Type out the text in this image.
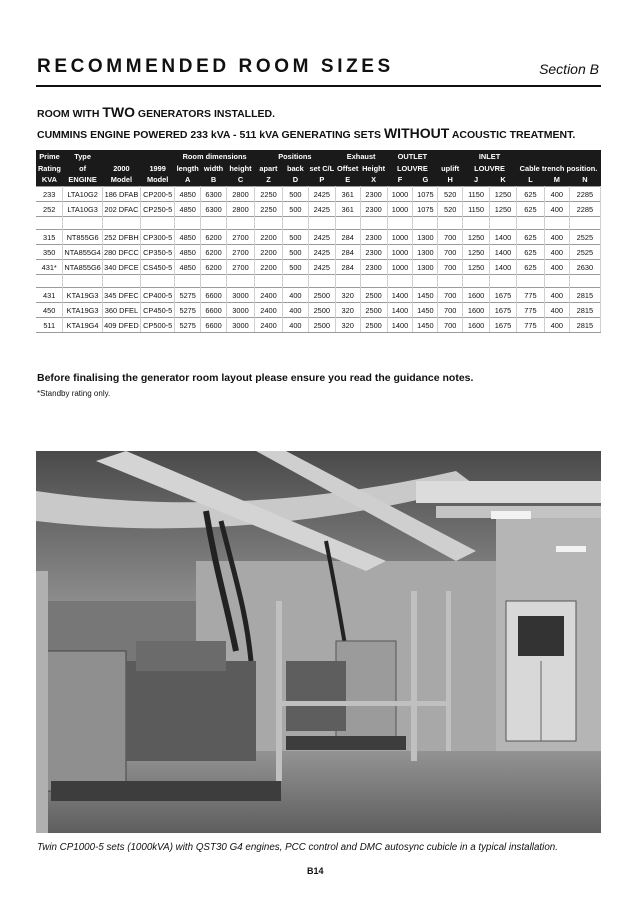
RECOMMENDED ROOM SIZES	Section B
ROOM WITH TWO GENERATORS INSTALLED.
CUMMINS ENGINE POWERED 233 kVA - 511 kVA GENERATING SETS WITHOUT ACOUSTIC TREATMENT.
Prime	Type			Room dimensions			Positions			Exhaust		OUTLET			INLET				
Rating	of	2000	1999	length	width	height	apart	back	set C/L	Offset	Height	LOUVRE		uplift	LOUVRE		Cable trench position.		
KVA	ENGINE	Model	Model	A	B	C	Z	D	P	E	X	F	G	H	J	K	L	M	N
233	LTA10G2	186 DFAB	CP200-5	4850	6300	2800	2250	500	2425	361	2300	1000	1075	520	1150	1250	625	400	2285
252	LTA10G3	202 DFAC	CP250-5	4850	6300	2800	2250	500	2425	361	2300	1000	1075	520	1150	1250	625	400	2285

315	NT855G6	252 DFBH	CP300-5	4850	6200	2700	2200	500	2425	284	2300	1000	1300	700	1250	1400	625	400	2525
350	NTA855G4	280 DFCC	CP350-5	4850	6200	2700	2200	500	2425	284	2300	1000	1300	700	1250	1400	625	400	2525
431*	NTA855G6	340 DFCE	CS450-5	4850	6200	2700	2200	500	2425	284	2300	1000	1300	700	1250	1400	625	400	2630

431	KTA19G3	345 DFEC	CP400-5	5275	6600	3000	2400	400	2500	320	2500	1400	1450	700	1600	1675	775	400	2815
450	KTA19G3	360 DFEL	CP450-5	5275	6600	3000	2400	400	2500	320	2500	1400	1450	700	1600	1675	775	400	2815
511	KTA19G4	409 DFED	CP500-5	5275	6600	3000	2400	400	2500	320	2500	1400	1450	700	1600	1675	775	400	2815
Before finalising the generator room layout please ensure you read the guidance notes.
*Standby rating only.
Twin CP1000-5 sets (1000kVA) with QST30 G4 engines, PCC control and DMC autosync cubicle in a typical installation.
B14
